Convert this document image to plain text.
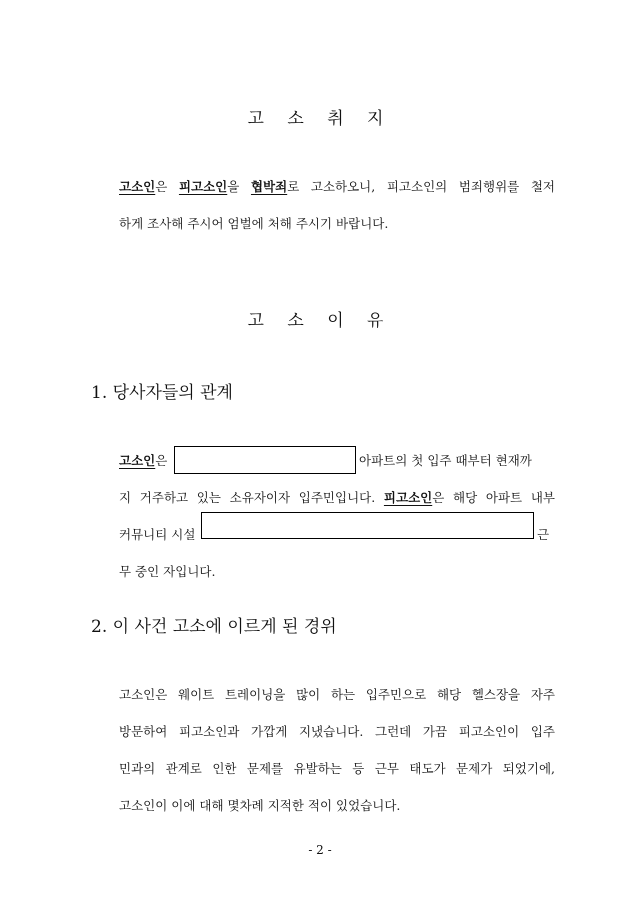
고 소 취 지
고소인은 피고소인을 협박죄로 고소하오니, 피고소인의 범죄행위를 철저
하게 조사해 주시어 엄벌에 처해 주시기 바랍니다.
고 소 이 유
1. 당사자들의 관계
고소인은	아파트의 첫 입주 때부터 현재까
지 거주하고 있는 소유자이자 입주민입니다. 피고소인은 해당 아파트 내부
커뮤니티 시설	근
무 중인 자입니다.
2. 이 사건 고소에 이르게 된 경위
고소인은 웨이트 트레이닝을 많이 하는 입주민으로 해당 헬스장을 자주
방문하여 피고소인과 가깝게 지냈습니다. 그런데 가끔 피고소인이 입주
민과의 관계로 인한 문제를 유발하는 등 근무 태도가 문제가 되었기에,
고소인이 이에 대해 몇차례 지적한 적이 있었습니다.
- 2 -
